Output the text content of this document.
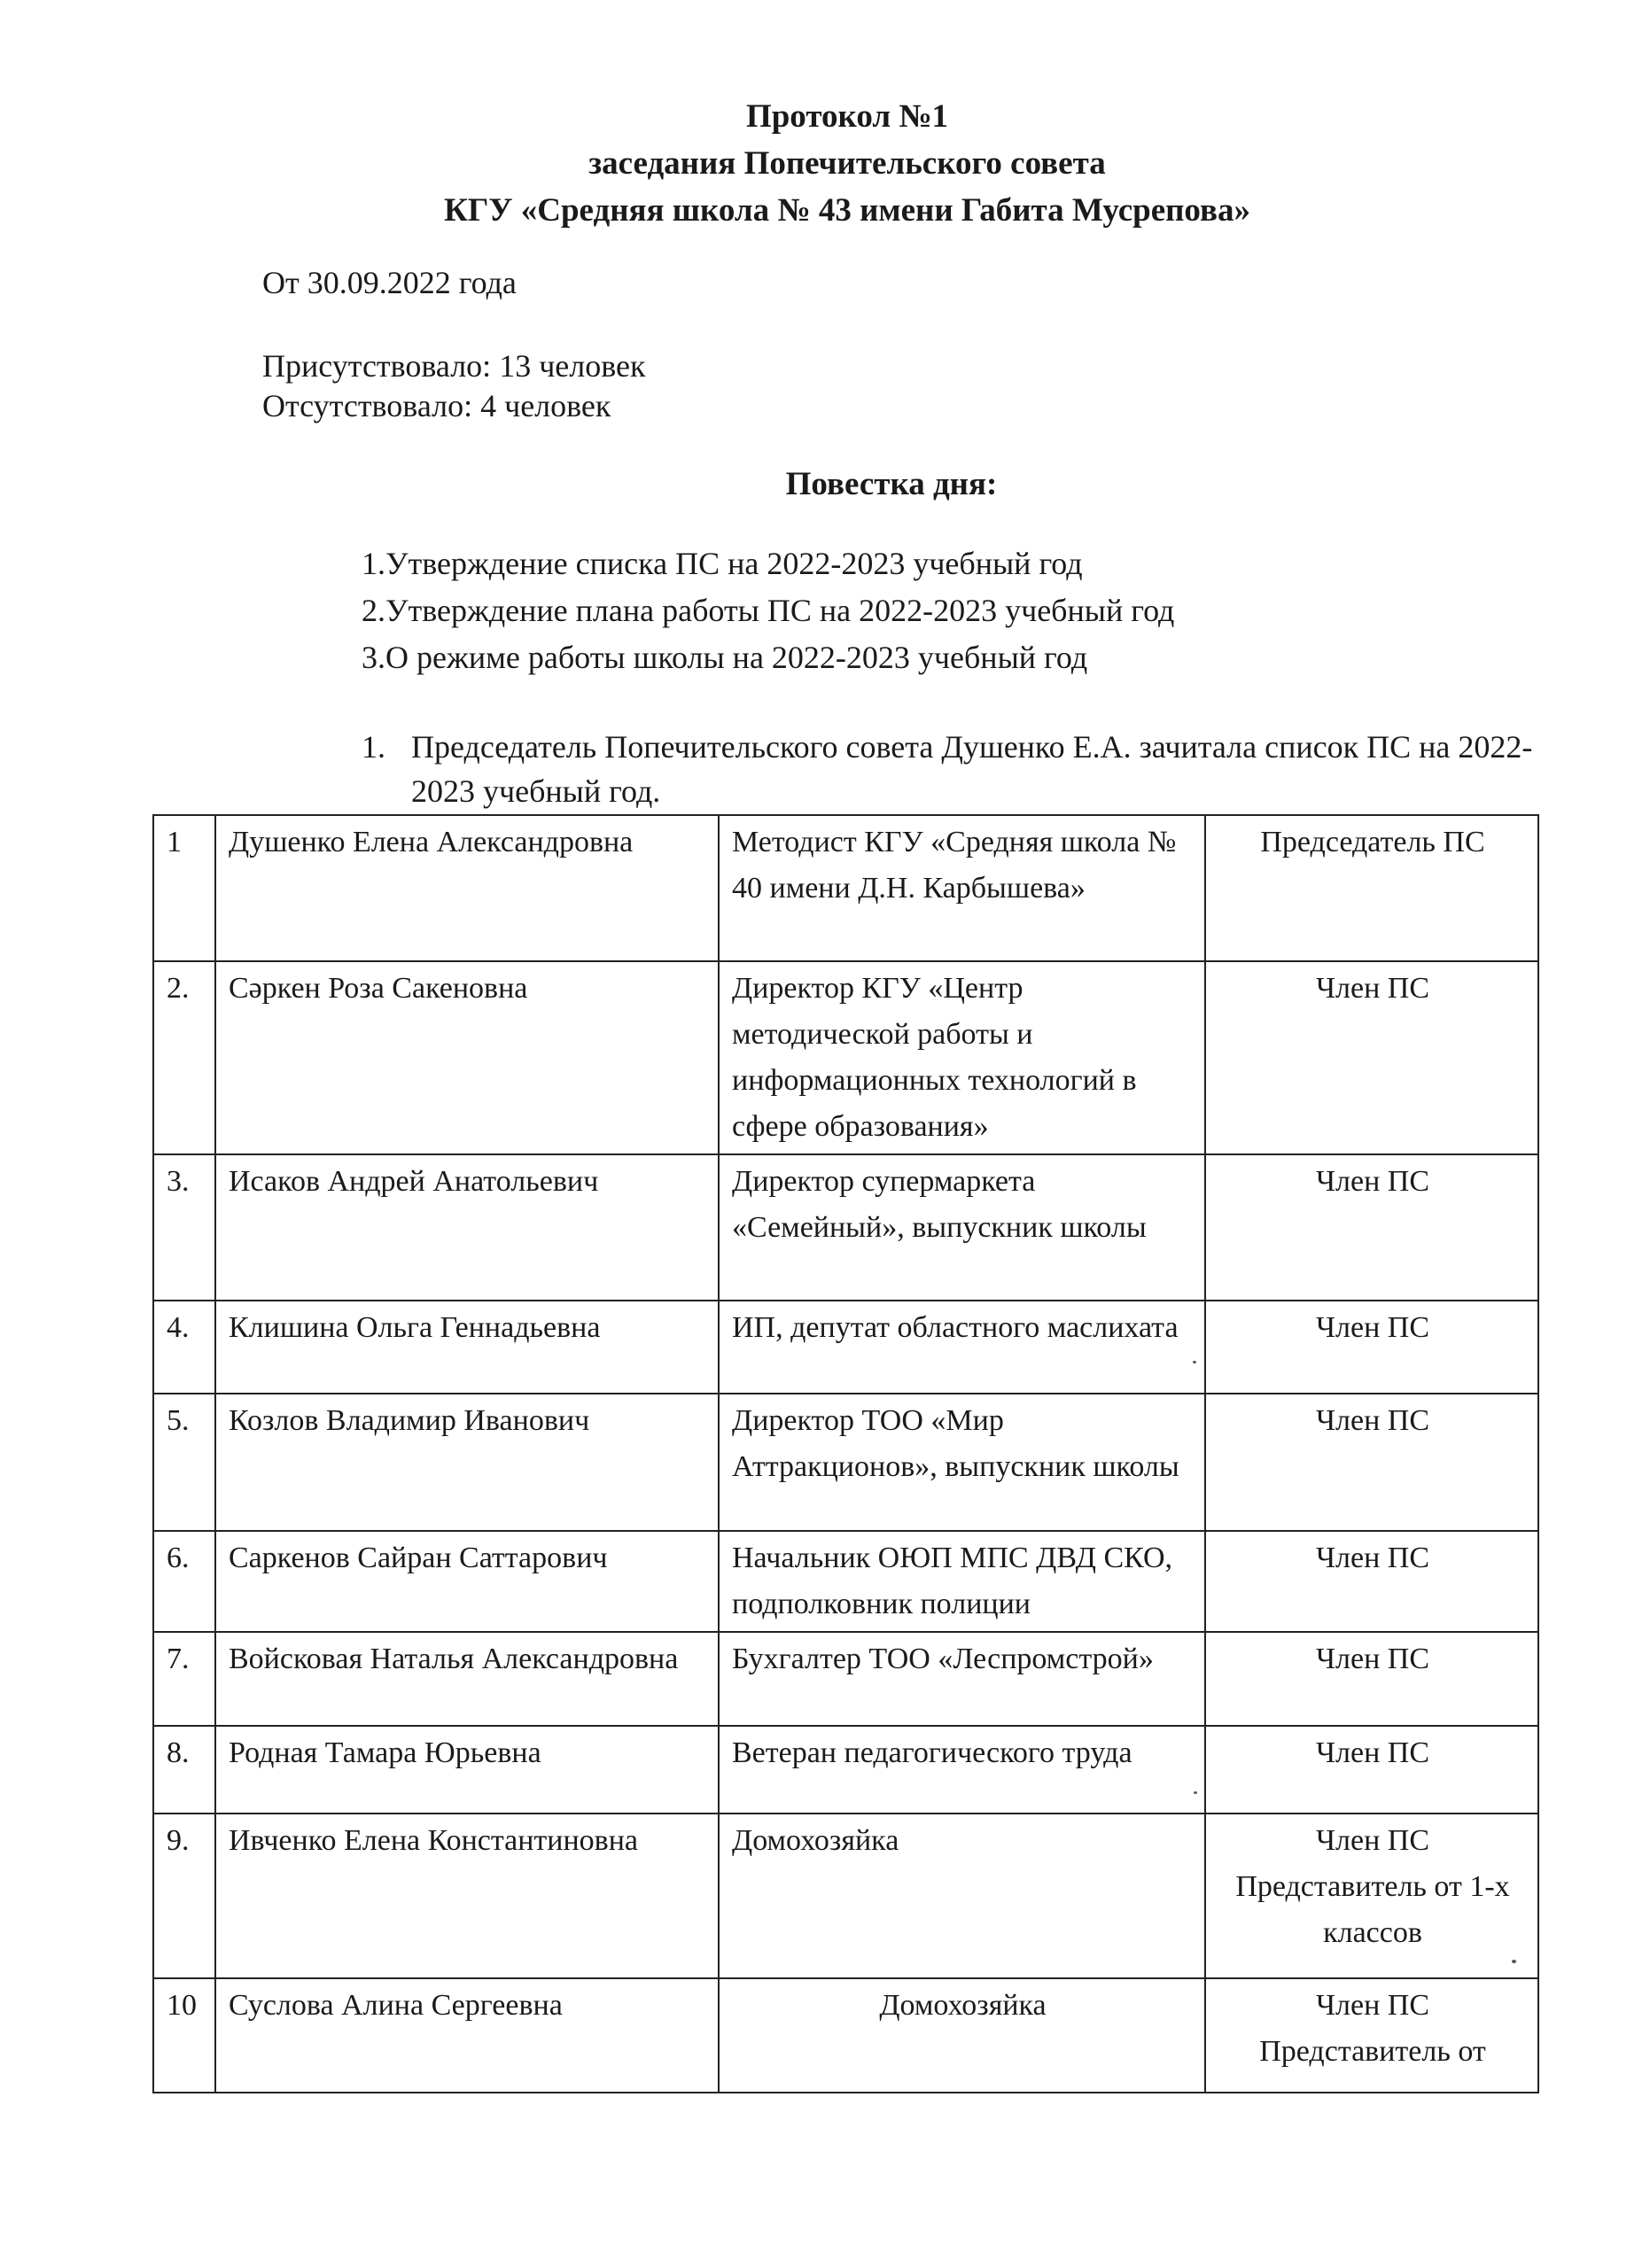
Протокол №1
заседания Попечительского совета
КГУ «Средняя школа № 43 имени Габита Мусрепова»
От 30.09.2022 года
Присутствовало: 13 человек
Отсутствовало: 4 человек
Повестка дня:
1.Утверждение списка ПС на 2022-2023 учебный год
2.Утверждение плана работы ПС на 2022-2023 учебный год
3.О режиме работы школы на 2022-2023 учебный год
1. Председатель Попечительского совета Душенко Е.А. зачитала список ПС на 2022-2023 учебный год.
1	Душенко Елена Александровна	Методист КГУ «Средняя школа № 40 имени Д.Н. Карбышева»	Председатель ПС
2.	Сәркен Роза Сакеновна	Директор КГУ «Центр методической работы и информационных технологий в сфере образования»	Член ПС
3.	Исаков Андрей Анатольевич	Директор супермаркета «Семейный», выпускник школы	Член ПС
4.	Клишина Ольга Геннадьевна	ИП, депутат областного маслихата	Член ПС
5.	Козлов Владимир Иванович	Директор ТОО «Мир Аттракционов», выпускник школы	Член ПС
6.	Саркенов Сайран Саттарович	Начальник ОЮП МПС ДВД СКО, подполковник полиции	Член ПС
7.	Войсковая Наталья Александровна	Бухгалтер ТОО «Леспромстрой»	Член ПС
8.	Родная Тамара Юрьевна	Ветеран педагогического труда	Член ПС
9.	Ивченко Елена Константиновна	Домохозяйка	Член ПС
Представитель от 1-х классов

10	Суслова Алина Сергеевна	Домохозяйка	Член ПС
Представитель от
